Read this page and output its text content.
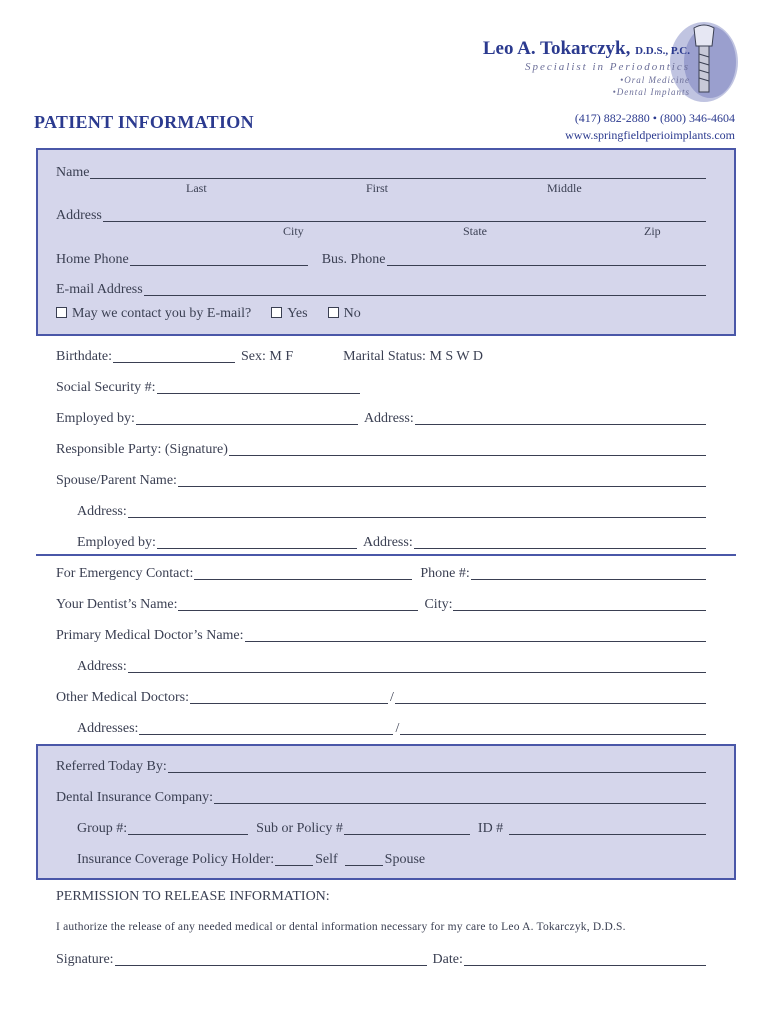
Leo A. Tokarczyk, D.D.S., P.C.
Specialist in Periodontics
•Oral Medicine
•Dental Implants
(417) 882-2880 • (800) 346-4604
www.springfieldperioimplants.com
PATIENT INFORMATION
Name
Last	First	Middle
Address
City	State	Zip
Home Phone	Bus. Phone
E-mail Address
May we contact you by E-mail?	Yes	No
Birthdate:	Sex: M F	Marital Status: M S W D
Social Security #:
Employed by:	Address:
Responsible Party: (Signature)
Spouse/Parent Name:
Address:
Employed by:	Address:
For Emergency Contact:	Phone #:
Your Dentist’s Name:	City:
Primary Medical Doctor’s Name:
Address:
Other Medical Doctors:	/
Addresses:	/
Referred Today By:
Dental Insurance Company:
Group #:	Sub or Policy #	ID #
Insurance Coverage Policy Holder:	Self	Spouse
PERMISSION TO RELEASE INFORMATION:
I authorize the release of any needed medical or dental information necessary for my care to Leo A. Tokarczyk, D.D.S.
Signature:	Date:
